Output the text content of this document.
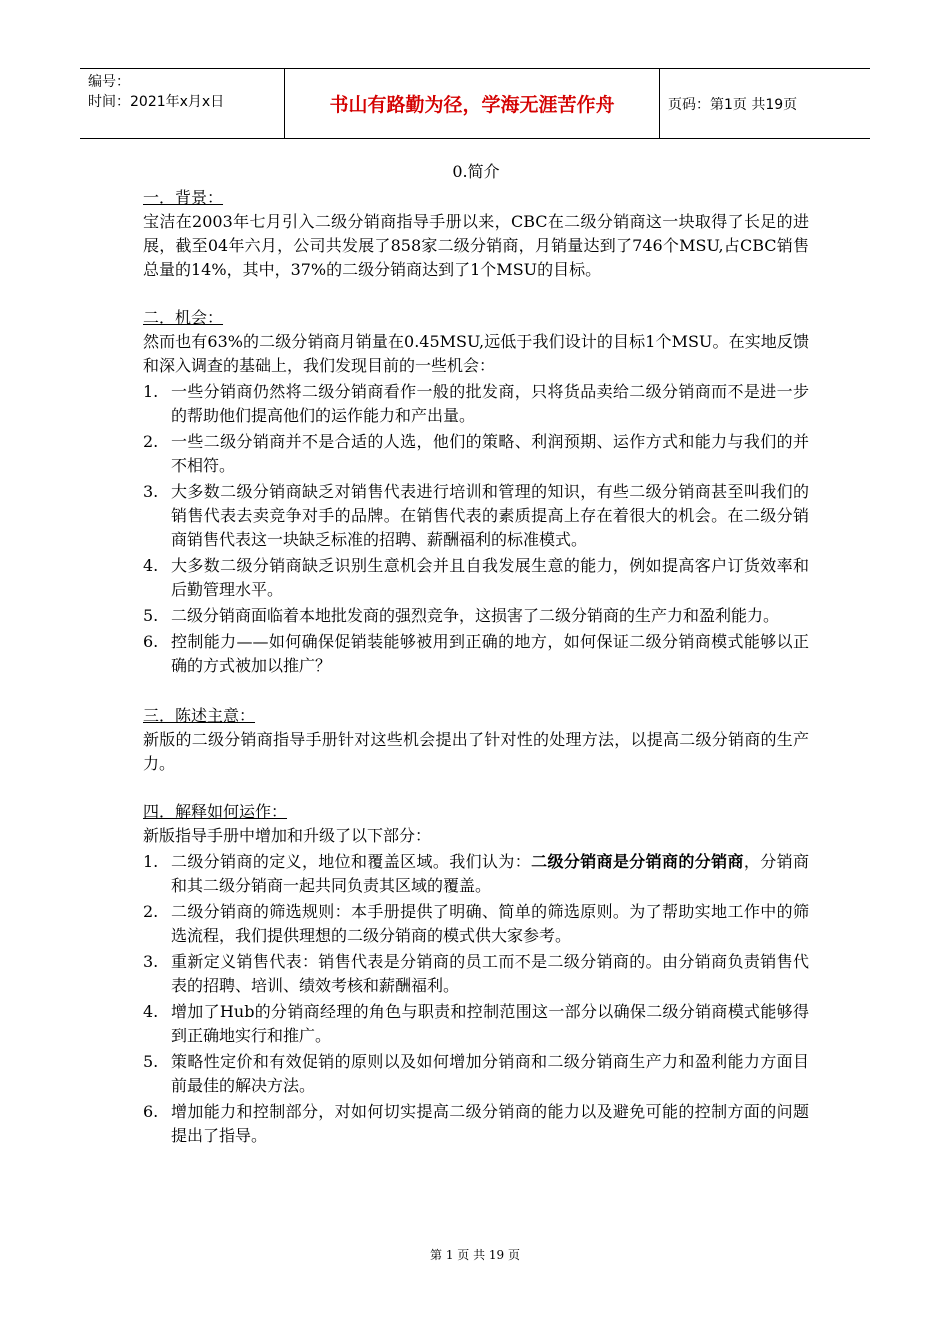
编号：
时间：2021年x月x日	书山有路勤为径，学海无涯苦作舟	页码：第1页 共19页
0.简介
一．背景：

宝洁在2003年七月引入二级分销商指导手册以来，CBC在二级分销商这一块取得了长足的进展，截至04年六月，公司共发展了858家二级分销商，月销量达到了746个MSU,占CBC销售总量的14%，其中，37%的二级分销商达到了1个MSU的目标。

二．机会：

然而也有63%的二级分销商月销量在0.45MSU,远低于我们设计的目标1个MSU。在实地反馈和深入调查的基础上，我们发现目前的一些机会：

1. 一些分销商仍然将二级分销商看作一般的批发商，只将货品卖给二级分销商而不是进一步的帮助他们提高他们的运作能力和产出量。
2. 一些二级分销商并不是合适的人选，他们的策略、利润预期、运作方式和能力与我们的并不相符。
3. 大多数二级分销商缺乏对销售代表进行培训和管理的知识，有些二级分销商甚至叫我们的销售代表去卖竞争对手的品牌。在销售代表的素质提高上存在着很大的机会。在二级分销商销售代表这一块缺乏标准的招聘、薪酬福利的标准模式。
4. 大多数二级分销商缺乏识别生意机会并且自我发展生意的能力，例如提高客户订货效率和后勤管理水平。
5. 二级分销商面临着本地批发商的强烈竞争，这损害了二级分销商的生产力和盈利能力。
6. 控制能力——如何确保促销装能够被用到正确的地方，如何保证二级分销商模式能够以正确的方式被加以推广？
三．陈述主意：

新版的二级分销商指导手册针对这些机会提出了针对性的处理方法，以提高二级分销商的生产力。

四．解释如何运作：

新版指导手册中增加和升级了以下部分：

1. 二级分销商的定义，地位和覆盖区域。我们认为：二级分销商是分销商的分销商，分销商和其二级分销商一起共同负责其区域的覆盖。
2. 二级分销商的筛选规则：本手册提供了明确、简单的筛选原则。为了帮助实地工作中的筛选流程，我们提供理想的二级分销商的模式供大家参考。
3. 重新定义销售代表：销售代表是分销商的员工而不是二级分销商的。由分销商负责销售代表的招聘、培训、绩效考核和薪酬福利。
4. 增加了Hub的分销商经理的角色与职责和控制范围这一部分以确保二级分销商模式能够得到正确地实行和推广。
5. 策略性定价和有效促销的原则以及如何增加分销商和二级分销商生产力和盈利能力方面目前最佳的解决方法。
6. 增加能力和控制部分，对如何切实提高二级分销商的能力以及避免可能的控制方面的问题提出了指导。
第 1 页 共 19 页
